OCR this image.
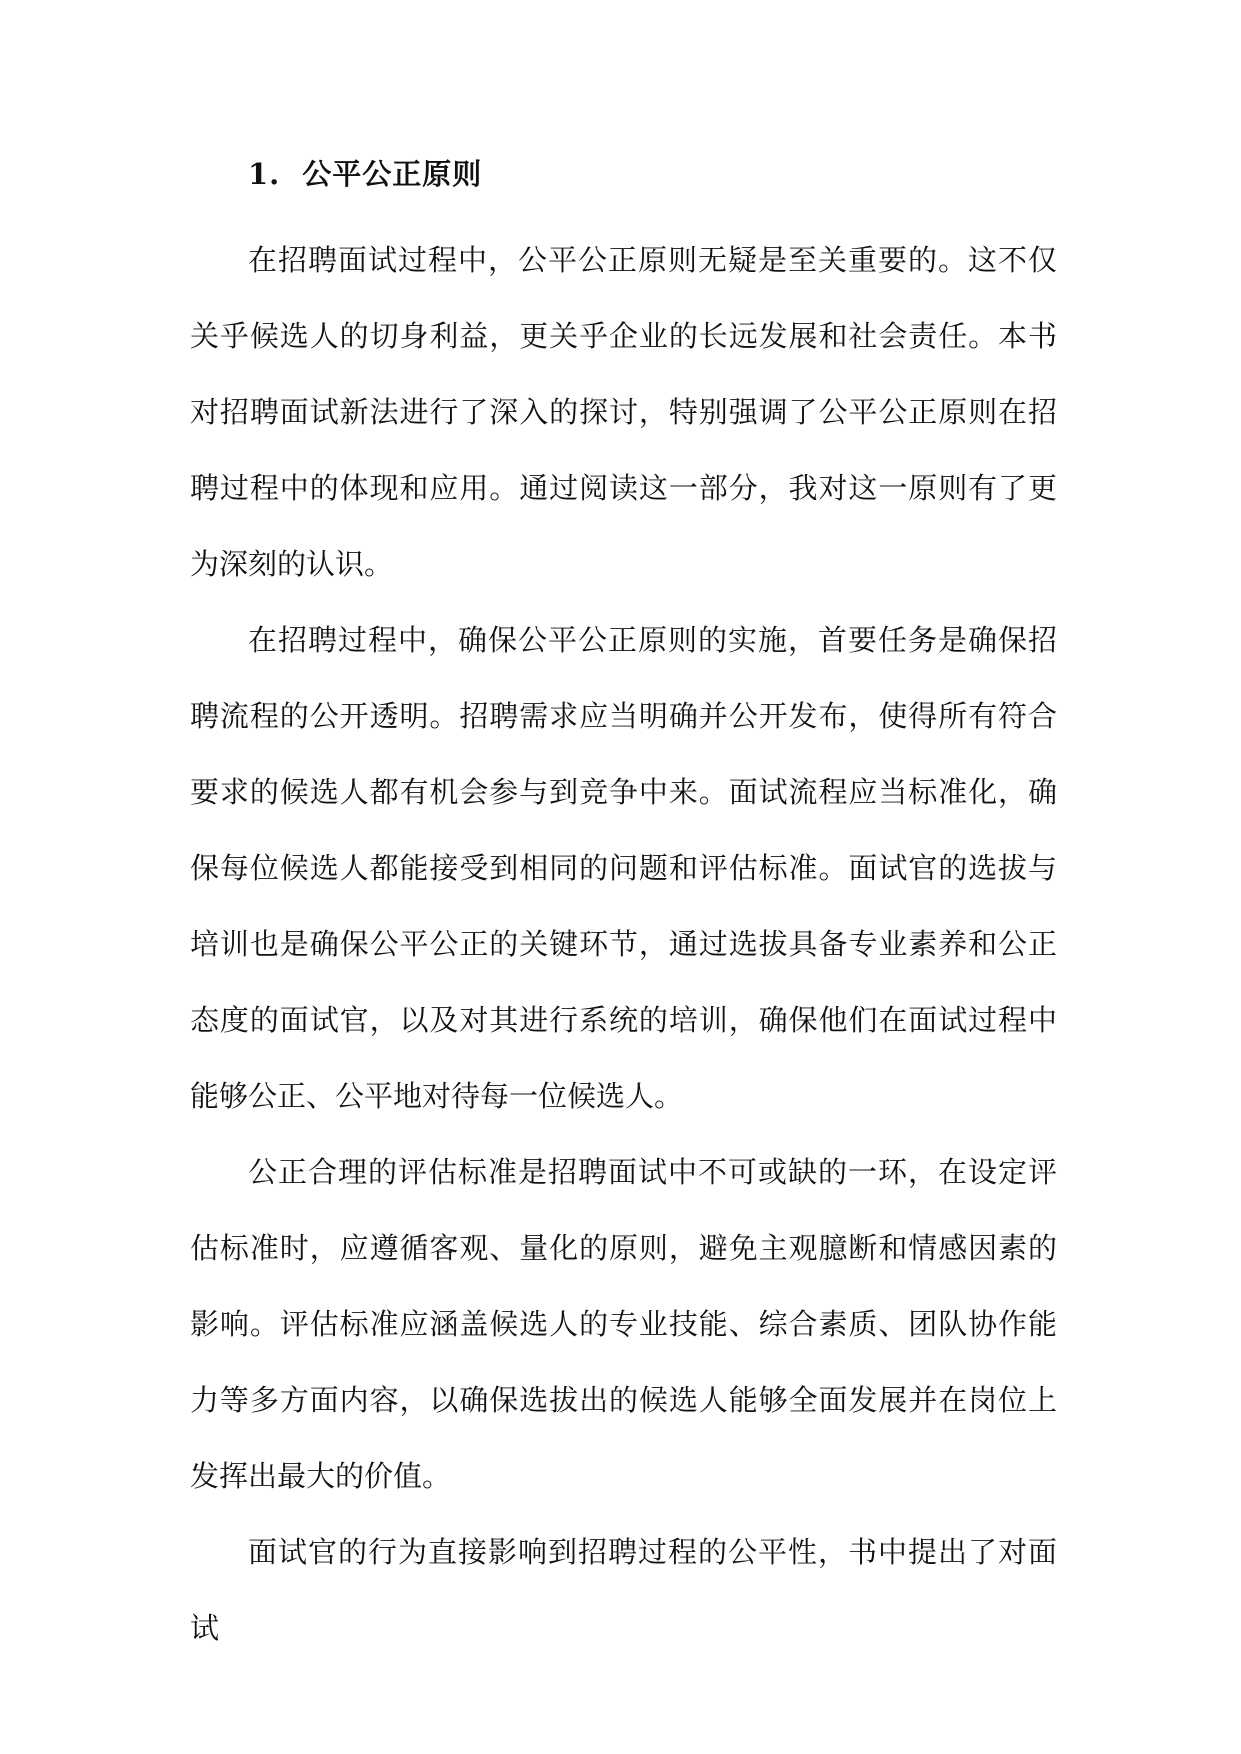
1. 公平公正原则

在招聘面试过程中，公平公正原则无疑是至关重要的。这不仅关乎候选人的切身利益，更关乎企业的长远发展和社会责任。本书对招聘面试新法进行了深入的探讨，特别强调了公平公正原则在招聘过程中的体现和应用。通过阅读这一部分，我对这一原则有了更为深刻的认识。

在招聘过程中，确保公平公正原则的实施，首要任务是确保招聘流程的公开透明。招聘需求应当明确并公开发布，使得所有符合要求的候选人都有机会参与到竞争中来。面试流程应当标准化，确保每位候选人都能接受到相同的问题和评估标准。面试官的选拔与培训也是确保公平公正的关键环节，通过选拔具备专业素养和公正态度的面试官，以及对其进行系统的培训，确保他们在面试过程中能够公正、公平地对待每一位候选人。

公正合理的评估标准是招聘面试中不可或缺的一环，在设定评估标准时，应遵循客观、量化的原则，避免主观臆断和情感因素的影响。评估标准应涵盖候选人的专业技能、综合素质、团队协作能力等多方面内容，以确保选拔出的候选人能够全面发展并在岗位上发挥出最大的价值。

面试官的行为直接影响到招聘过程的公平性，书中提出了对面试
